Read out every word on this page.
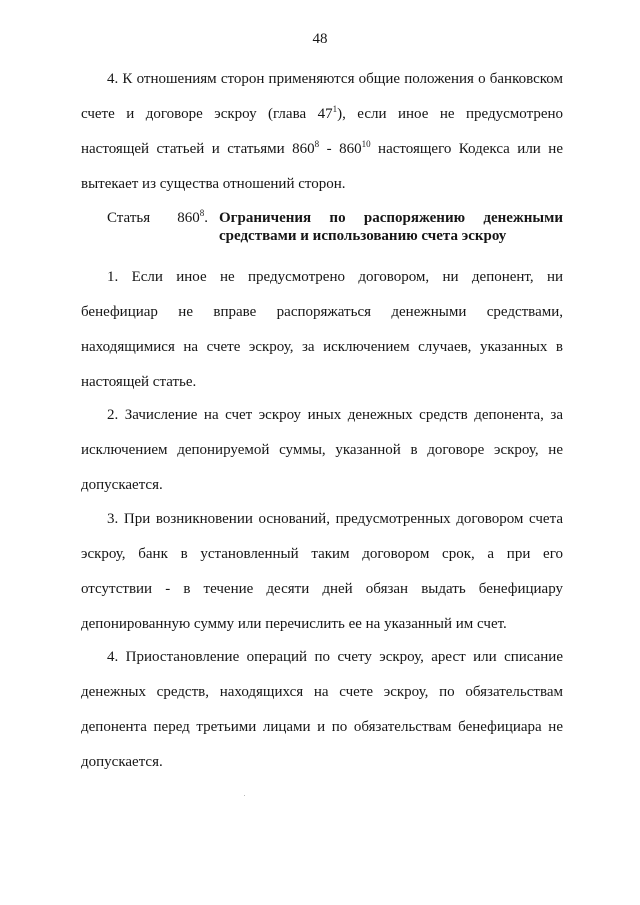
48
4. К отношениям сторон применяются общие положения о банковском
счете и договоре эскроу (глава $47^1$), если иное не предусмотрено
настоящей статьей и статьями $860^8 - 860^{10}$ настоящего Кодекса или не
вытекает из существа отношений сторон.
Статья $860^8$. Ограничения по распоряжению денежными
средствами и использованию счета эскроу
1. Если иное не предусмотрено договором, ни депонент, ни
бенефициар не вправе распоряжаться денежными средствами,
находящимися на счете эскроу, за исключением случаев, указанных в
настоящей статье.
2. Зачисление на счет эскроу иных денежных средств депонента, за
исключением депонируемой суммы, указанной в договоре эскроу, не
допускается.
3. При возникновении оснований, предусмотренных договором счета
эскроу, банк в установленный таким договором срок, а при его
отсутствии - в течение десяти дней обязан выдать бенефициару
депонированную сумму или перечислить ее на указанный им счет.
4. Приостановление операций по счету эскроу, арест или списание
денежных средств, находящихся на счете эскроу, по обязательствам
депонента перед третьими лицами и по обязательствам бенефициара не
допускается.
